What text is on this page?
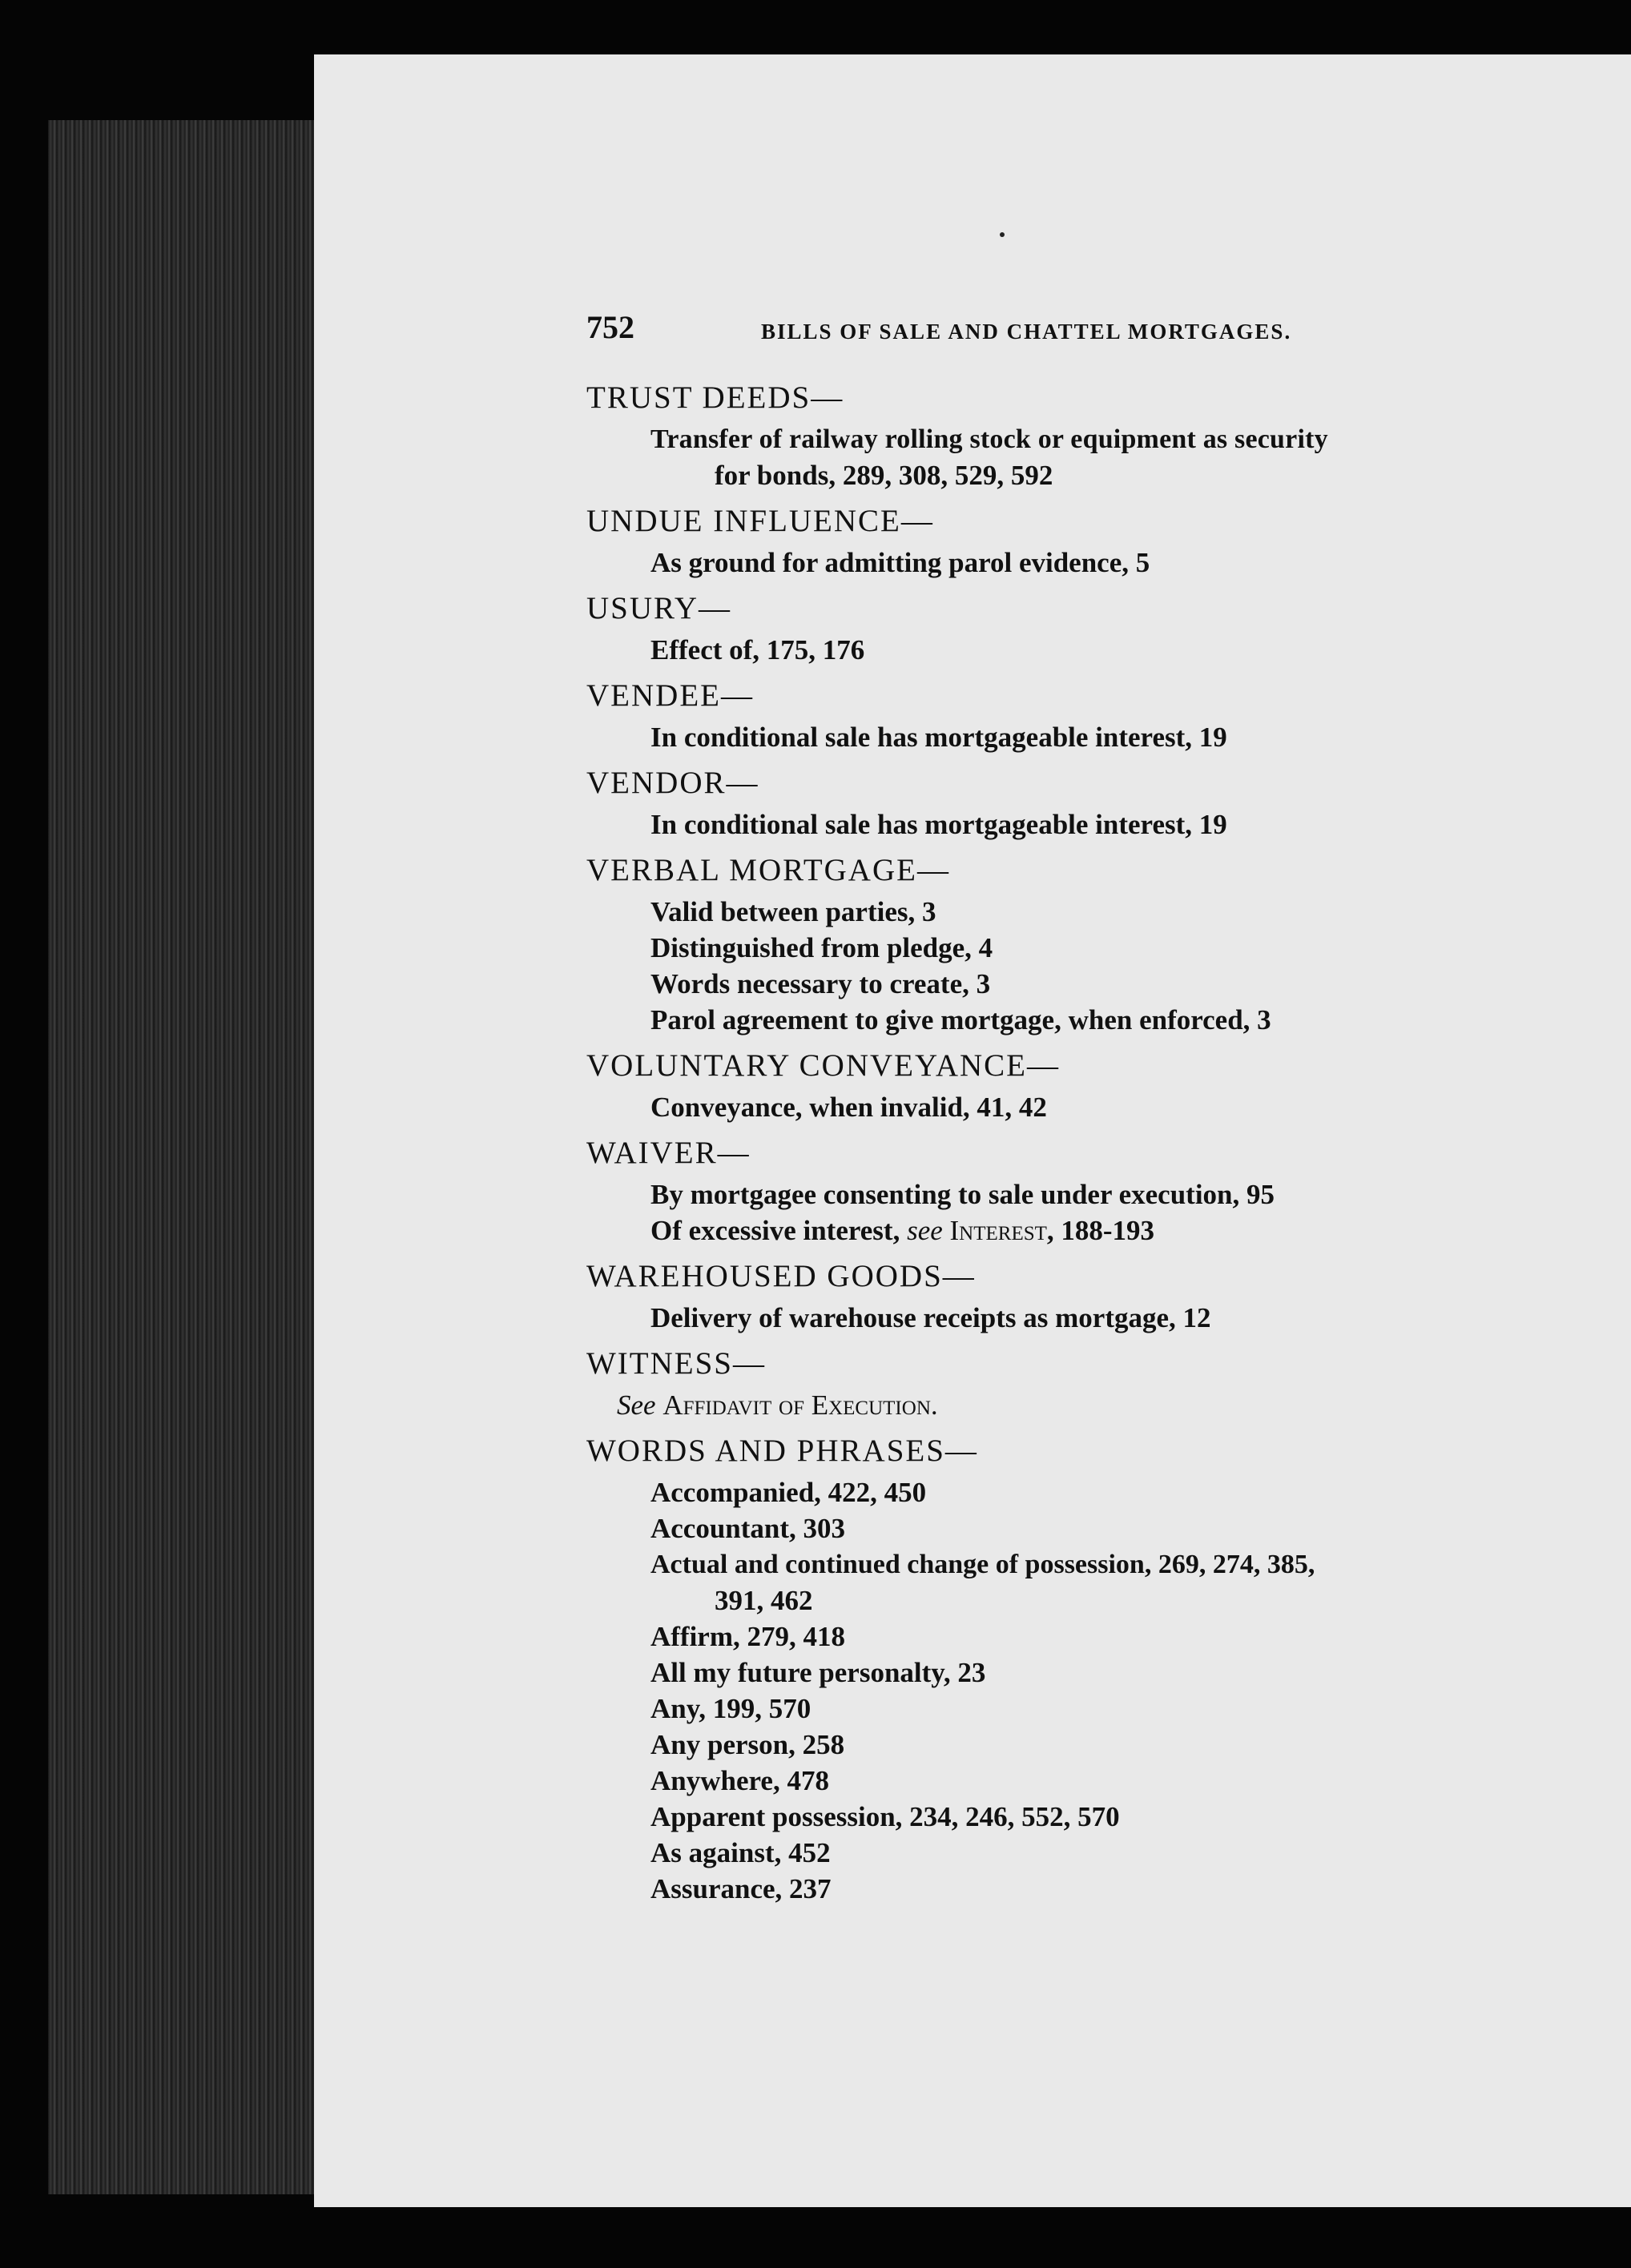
752	BILLS OF SALE AND CHATTEL MORTGAGES.
TRUST DEEDS—
Transfer of railway rolling stock or equipment as security
for bonds, 289, 308, 529, 592
UNDUE INFLUENCE—
As ground for admitting parol evidence, 5
USURY—
Effect of, 175, 176
VENDEE—
In conditional sale has mortgageable interest, 19
VENDOR—
In conditional sale has mortgageable interest, 19
VERBAL MORTGAGE—
Valid between parties, 3
Distinguished from pledge, 4
Words necessary to create, 3
Parol agreement to give mortgage, when enforced, 3
VOLUNTARY CONVEYANCE—
Conveyance, when invalid, 41, 42
WAIVER—
By mortgagee consenting to sale under execution, 95
Of excessive interest, see Interest, 188-193
WAREHOUSED GOODS—
Delivery of warehouse receipts as mortgage, 12
WITNESS—
See Affidavit of Execution.
WORDS AND PHRASES—
Accompanied, 422, 450
Accountant, 303
Actual and continued change of possession, 269, 274, 385,
391, 462
Affirm, 279, 418
All my future personalty, 23
Any, 199, 570
Any person, 258
Anywhere, 478
Apparent possession, 234, 246, 552, 570
As against, 452
Assurance, 237
